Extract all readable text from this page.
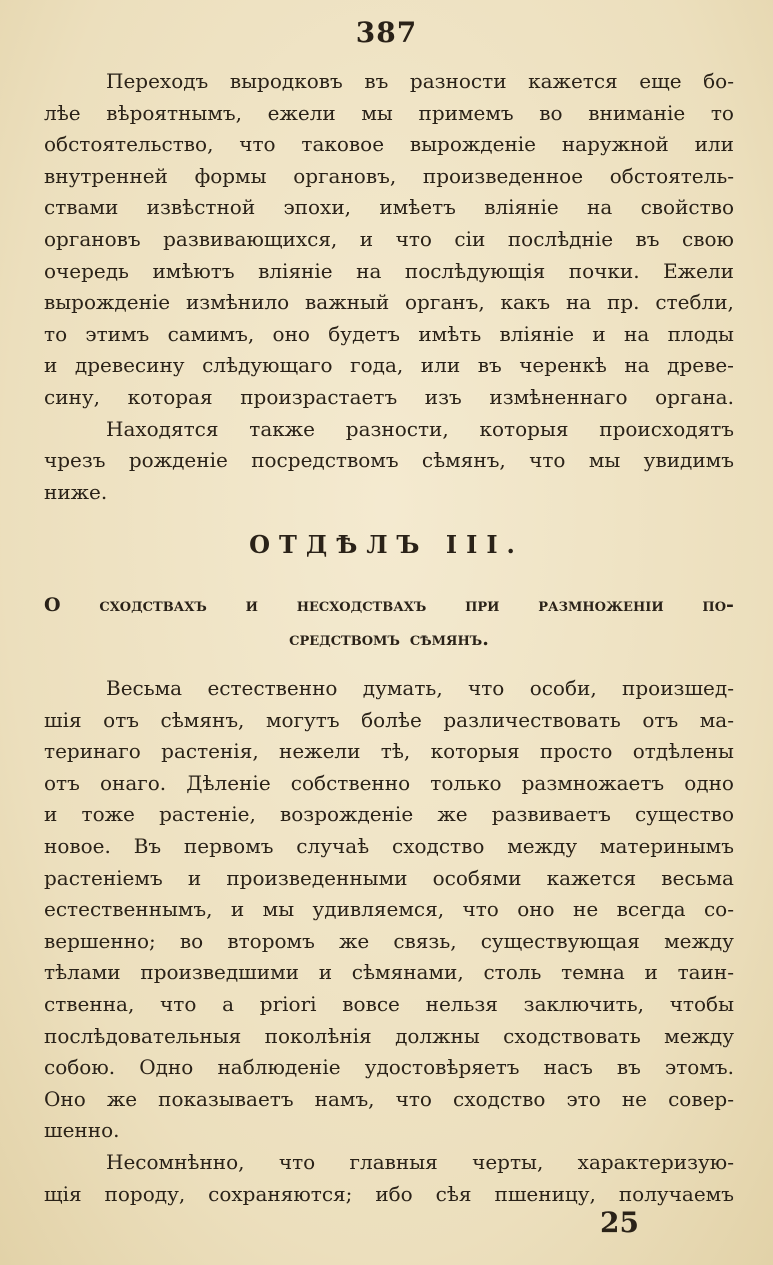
387
Переходъ выродковъ въ разности кажется еще бо-
лѣе вѣроятнымъ, ежели мы примемъ во вниманіе то
обстоятельство, что таковое вырожденіе наружной или
внутренней формы органовъ, произведенное обстоятель-
ствами извѣстной эпохи, имѣетъ вліяніе на свойство
органовъ развивающихся, и что сіи послѣдніе въ свою
очередь имѣютъ вліяніе на послѣдующія почки. Ежели
вырожденіе измѣнило важный органъ, какъ на пр. стебли,
то этимъ самимъ, оно будетъ имѣть вліяніе и на плоды
и древесину слѣдующаго года, или въ черенкѣ на древе-
сину, которая произрастаетъ изъ измѣненнаго органа.
Находятся также разности, которыя происходятъ
чрезъ рожденіе посредствомъ сѣмянъ, что мы увидимъ
ниже.
ОТДѢЛЪ III.
О сходствахъ и несходствахъ при размноженіи по-
средствомъ сѣмянъ.
Весьма естественно думать, что особи, произшед-
шія отъ сѣмянъ, могутъ болѣе различествовать отъ ма-
теринаго растенія, нежели тѣ, которыя просто отдѣлены
отъ онаго. Дѣленіе собственно только размножаетъ одно
и тоже растеніе, возрожденіе же развиваетъ существо
новое. Въ первомъ случаѣ сходство между материнымъ
растеніемъ и произведенными особями кажется весьма
естественнымъ, и мы удивляемся, что оно не всегда со-
вершенно; во второмъ же связь, существующая между
тѣлами произведшими и сѣмянами, столь темна и таин-
ственна, что а priori вовсе нельзя заключить, чтобы
послѣдовательныя поколѣнія должны сходствовать между
собою. Одно наблюденіе удостовѣряетъ насъ въ этомъ.
Оно же показываетъ намъ, что сходство это не совер-
шенно.
Несомнѣнно, что главныя черты, характеризую-
щія породу, сохраняются; ибо сѣя пшеницу, получаемъ
25
